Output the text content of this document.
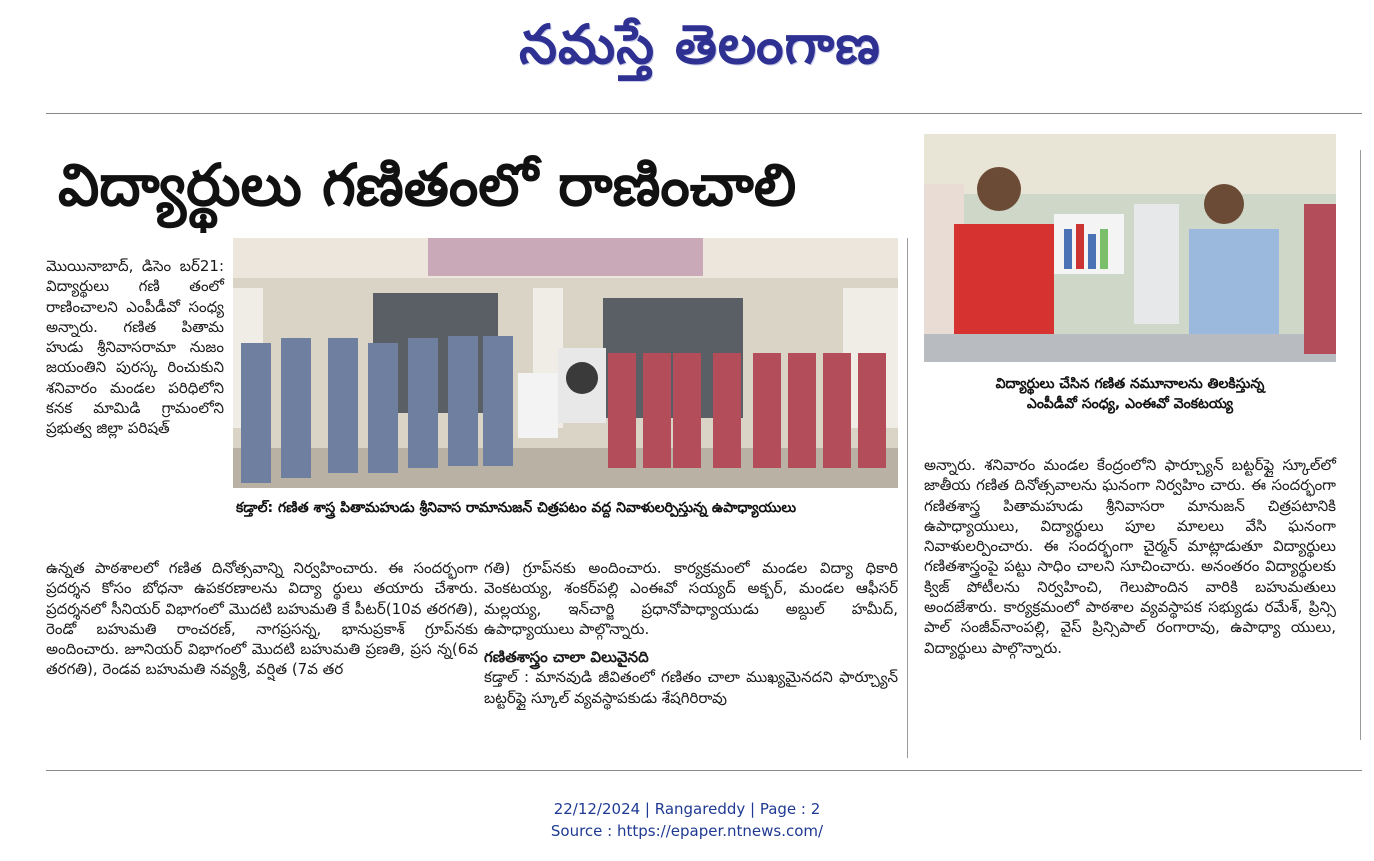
నమస్తే తెలంగాణ
విద్యార్థులు గణితంలో రాణించాలి

మొయినాబాద్, డిసెం బర్21: విద్యార్థులు గణి తంలో రాణించాలని ఎంపీడీవో సంధ్య అన్నారు. గణిత పితామ హుడు శ్రీనివాసరామా నుజం జయంతిని పురస్క రించుకుని శనివారం మండల పరిధిలోని కనక మామిడి గ్రామంలోని ప్రభుత్వ జిల్లా పరిషత్

కడ్తాల్: గణిత శాస్త్ర పితామహుడు శ్రీనివాస రామానుజన్ చిత్రపటం వద్ద నివాళులర్పిస్తున్న ఉపాధ్యాయులు

ఉన్నత పాఠశాలలో గణిత దినోత్సవాన్ని నిర్వహించారు. ఈ సందర్భంగా ప్రదర్శన కోసం బోధనా ఉపకరణాలను విద్యా ర్థులు తయారు చేశారు. ప్రదర్శనలో సీనియర్ విభాగంలో మొదటి బహుమతి కే పీటర్(10వ తరగతి), రెండో బహుమతి రాంచరణ్, నాగప్రసన్న, భానుప్రకాశ్ గ్రూప్‌నకు అందించారు. జూనియర్ విభాగంలో మొదటి బహుమతి ప్రణతి, ప్రస న్న(6వ తరగతి), రెండవ బహుమతి నవ్యశ్రీ, వర్షిత (7వ తర

గతి) గ్రూప్‌నకు అందించారు. కార్యక్రమంలో మండల విద్యా ధికారి వెంకటయ్య, శంకర్‌పల్లి ఎంఈవో సయ్యద్ అక్బర్, మండల ఆఫీసర్ మల్లయ్య, ఇన్‌చార్జి ప్రధానోపాధ్యాయుడు అబ్దుల్ హమీద్, ఉపాధ్యాయులు పాల్గొన్నారు.

గణితశాస్త్రం చాలా విలువైనది

కడ్తాల్ : మానవుడి జీవితంలో గణితం చాలా ముఖ్యమైనదని ఫార్చ్యూన్ బట్టర్‌ఫ్లై స్కూల్ వ్యవస్థాపకుడు శేషగిరిరావు

విద్యార్థులు చేసిన గణిత నమూనాలను తిలకిస్తున్న
ఎంపీడీవో సంధ్య, ఎంఈవో వెంకటయ్య

అన్నారు. శనివారం మండల కేంద్రంలోని ఫార్చ్యూన్ బట్టర్‌ఫ్లై స్కూల్‌లో జాతీయ గణిత దినోత్సవాలను ఘనంగా నిర్వహిం చారు. ఈ సందర్భంగా గణితశాస్త్ర పితామహుడు శ్రీనివాసరా మానుజన్ చిత్రపటానికి ఉపాధ్యాయులు, విద్యార్థులు పూల మాలలు వేసి ఘనంగా నివాళులర్పించారు. ఈ సందర్భంగా చైర్మన్ మాట్లాడుతూ విద్యార్థులు గణితశాస్త్రంపై పట్టు సాధిం చాలని సూచించారు. అనంతరం విద్యార్థులకు క్విజ్ పోటీలను నిర్వహించి, గెలుపొందిన వారికి బహుమతులు అందజేశారు. కార్యక్రమంలో పాఠశాల వ్యవస్థాపక సభ్యుడు రమేశ్, ప్రిన్సి పాల్ సంజీవ్‌నాంపల్లి, వైస్ ప్రిన్సిపాల్ రంగారావు, ఉపాధ్యా యులు, విద్యార్థులు పాల్గొన్నారు.

22/12/2024 | Rangareddy | Page : 2
Source : https://epaper.ntnews.com/
